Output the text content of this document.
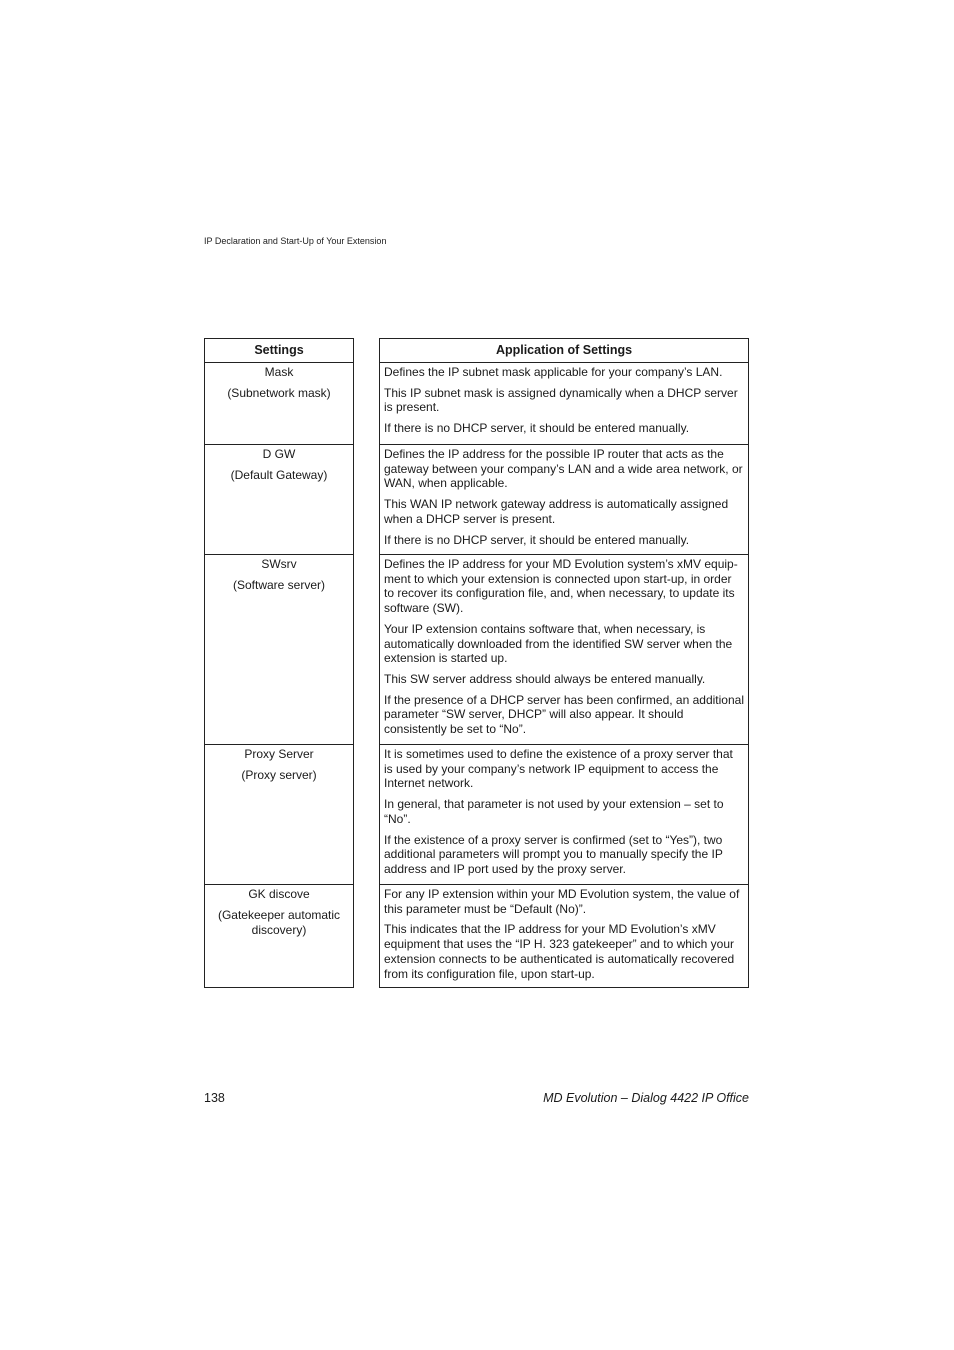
IP Declaration and Start-Up of Your Extension
Settings	Application of Settings

Mask

(Subnetwork mask)

Defines the IP subnet mask applicable for your company’s LAN.

This IP subnet mask is assigned dynamically when a DHCP server is present.

If there is no DHCP server, it should be entered manually.

D GW

(Default Gateway)

Defines the IP address for the possible IP router that acts as the gateway between your company’s LAN and a wide area network, or WAN, when applicable.

This WAN IP network gateway address is automatically assigned when a DHCP server is present.

If there is no DHCP server, it should be entered manually.

SWsrv

(Software server)

Defines the IP address for your MD Evolution system’s xMV equip-ment to which your extension is connected upon start-up, in order to recover its configuration file, and, when necessary, to update its software (SW).

Your IP extension contains software that, when necessary, is automatically downloaded from the identified SW server when the extension is started up.

This SW server address should always be entered manually.

If the presence of a DHCP server has been confirmed, an additional parameter “SW server, DHCP” will also appear. It should consistently be set to “No”.

Proxy Server

(Proxy server)

It is sometimes used to define the existence of a proxy server that is used by your company’s network IP equipment to access the Internet network.

In general, that parameter is not used by your extension – set to “No”.

If the existence of a proxy server is confirmed (set to “Yes”), two additional parameters will prompt you to manually specify the IP address and IP port used by the proxy server.

GK discove

(Gatekeeper automatic discovery)

For any IP extension within your MD Evolution system, the value of this parameter must be “Default (No)”.

This indicates that the IP address for your MD Evolution’s xMV equipment that uses the “IP H. 323 gatekeeper” and to which your extension connects to be authenticated is automatically recovered from its configuration file, upon start-up.

138	MD Evolution – Dialog 4422 IP Office
